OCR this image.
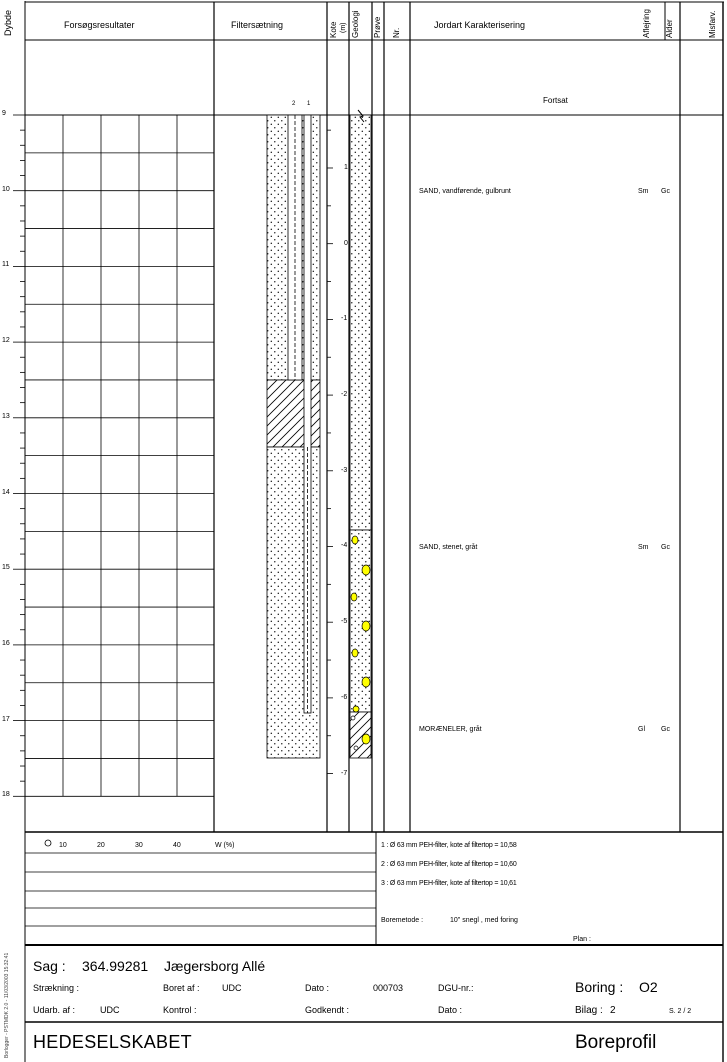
Dybde	Forsøgsresultater	Filtersætning	Kote (m) Geologi Prøve Nr.
Jordart Karakterisering	Aflejring Alder	Misfarv.
Fortsat
2 1
9
10
11
12
13
14
15
16
17
18
1
0
-1
-2
-3
-4
-5
-6
-7
SAND, vandførende, gulbrunt	Sm Gc
SAND, stenet, gråt	Sm Gc
MORÆNELER, gråt	Gl Gc
10	20	30	40	W (%)	1 : Ø 63 mm PEH-filter, kote af filtertop = 10,58
2 : Ø 63 mm PEH-filter, kote af filtertop = 10,60
3 : Ø 63 mm PEH-filter, kote af filtertop = 10,61
Boremetode :	10" snegl , med foring
Plan :
Borlogger - PSTMDK 2.0 - 11/03/2003 15:32:41 Sag : 364.99281 Jægersborg Allé
Strækning :	Boret af : UDC	Dato :	000703	DGU-nr.:	Boring : O2
Udarb. af :	UDC	Kontrol :	Godkendt :	Dato :	Bilag : 2	S. 2 / 2
HEDESELSKABET	Boreprofil
